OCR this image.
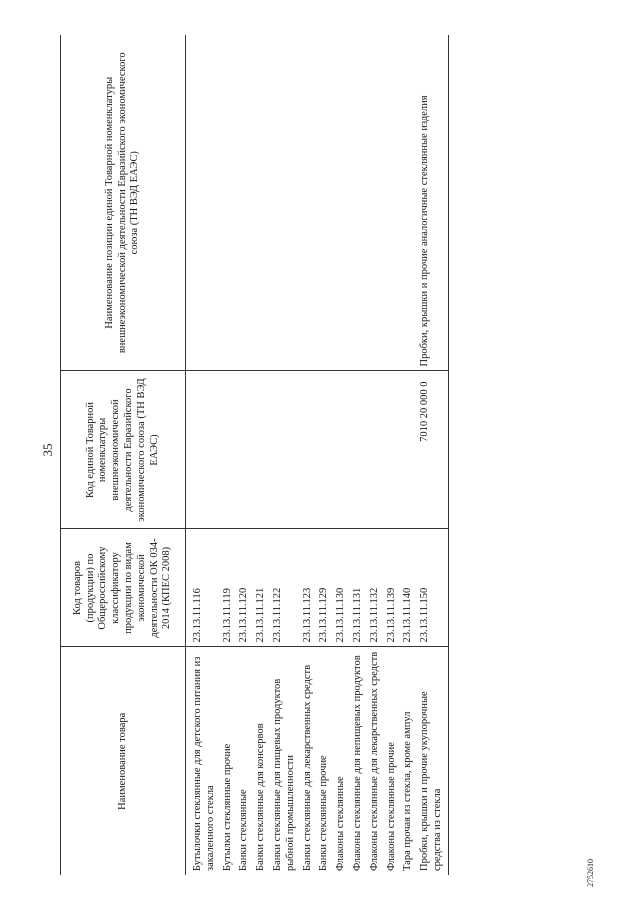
35
Наименование товара	Код товаров (продукции) по Общероссийскому классификатору продукции по видам экономической деятельности ОК 034-2014 (КПЕС 2008)	Код единой Товарной номенклатуры внешнеэкономической деятельности Евразийского экономического союза (ТН ВЭД ЕАЭС)	Наименование позиции единой Товарной номенклатуры внешнеэкономической деятельности Евразийского экономического союза (ТН ВЭД ЕАЭС)
Бутылочки стеклянные для детского питания из закаленного стекла	23.13.11.116		
Бутылки стеклянные прочие	23.13.11.119		
Банки стеклянные	23.13.11.120		
Банки стеклянные для консервов	23.13.11.121		
Банки стеклянные для пищевых продуктов рыбной промышленности	23.13.11.122		
Банки стеклянные для лекарственных средств	23.13.11.123		
Банки стеклянные прочие	23.13.11.129		
Флаконы стеклянные	23.13.11.130		
Флаконы стеклянные для непищевых продуктов	23.13.11.131		
Флаконы стеклянные для лекарственных средств	23.13.11.132		
Флаконы стеклянные прочие	23.13.11.139		
Тара прочая из стекла, кроме ампул	23.13.11.140		
Пробки, крышки и прочие укупорочные средства из стекла	23.13.11.150	7010 20 000 0	Пробки, крышки и прочие аналогичные стеклянные изделия
2752610
